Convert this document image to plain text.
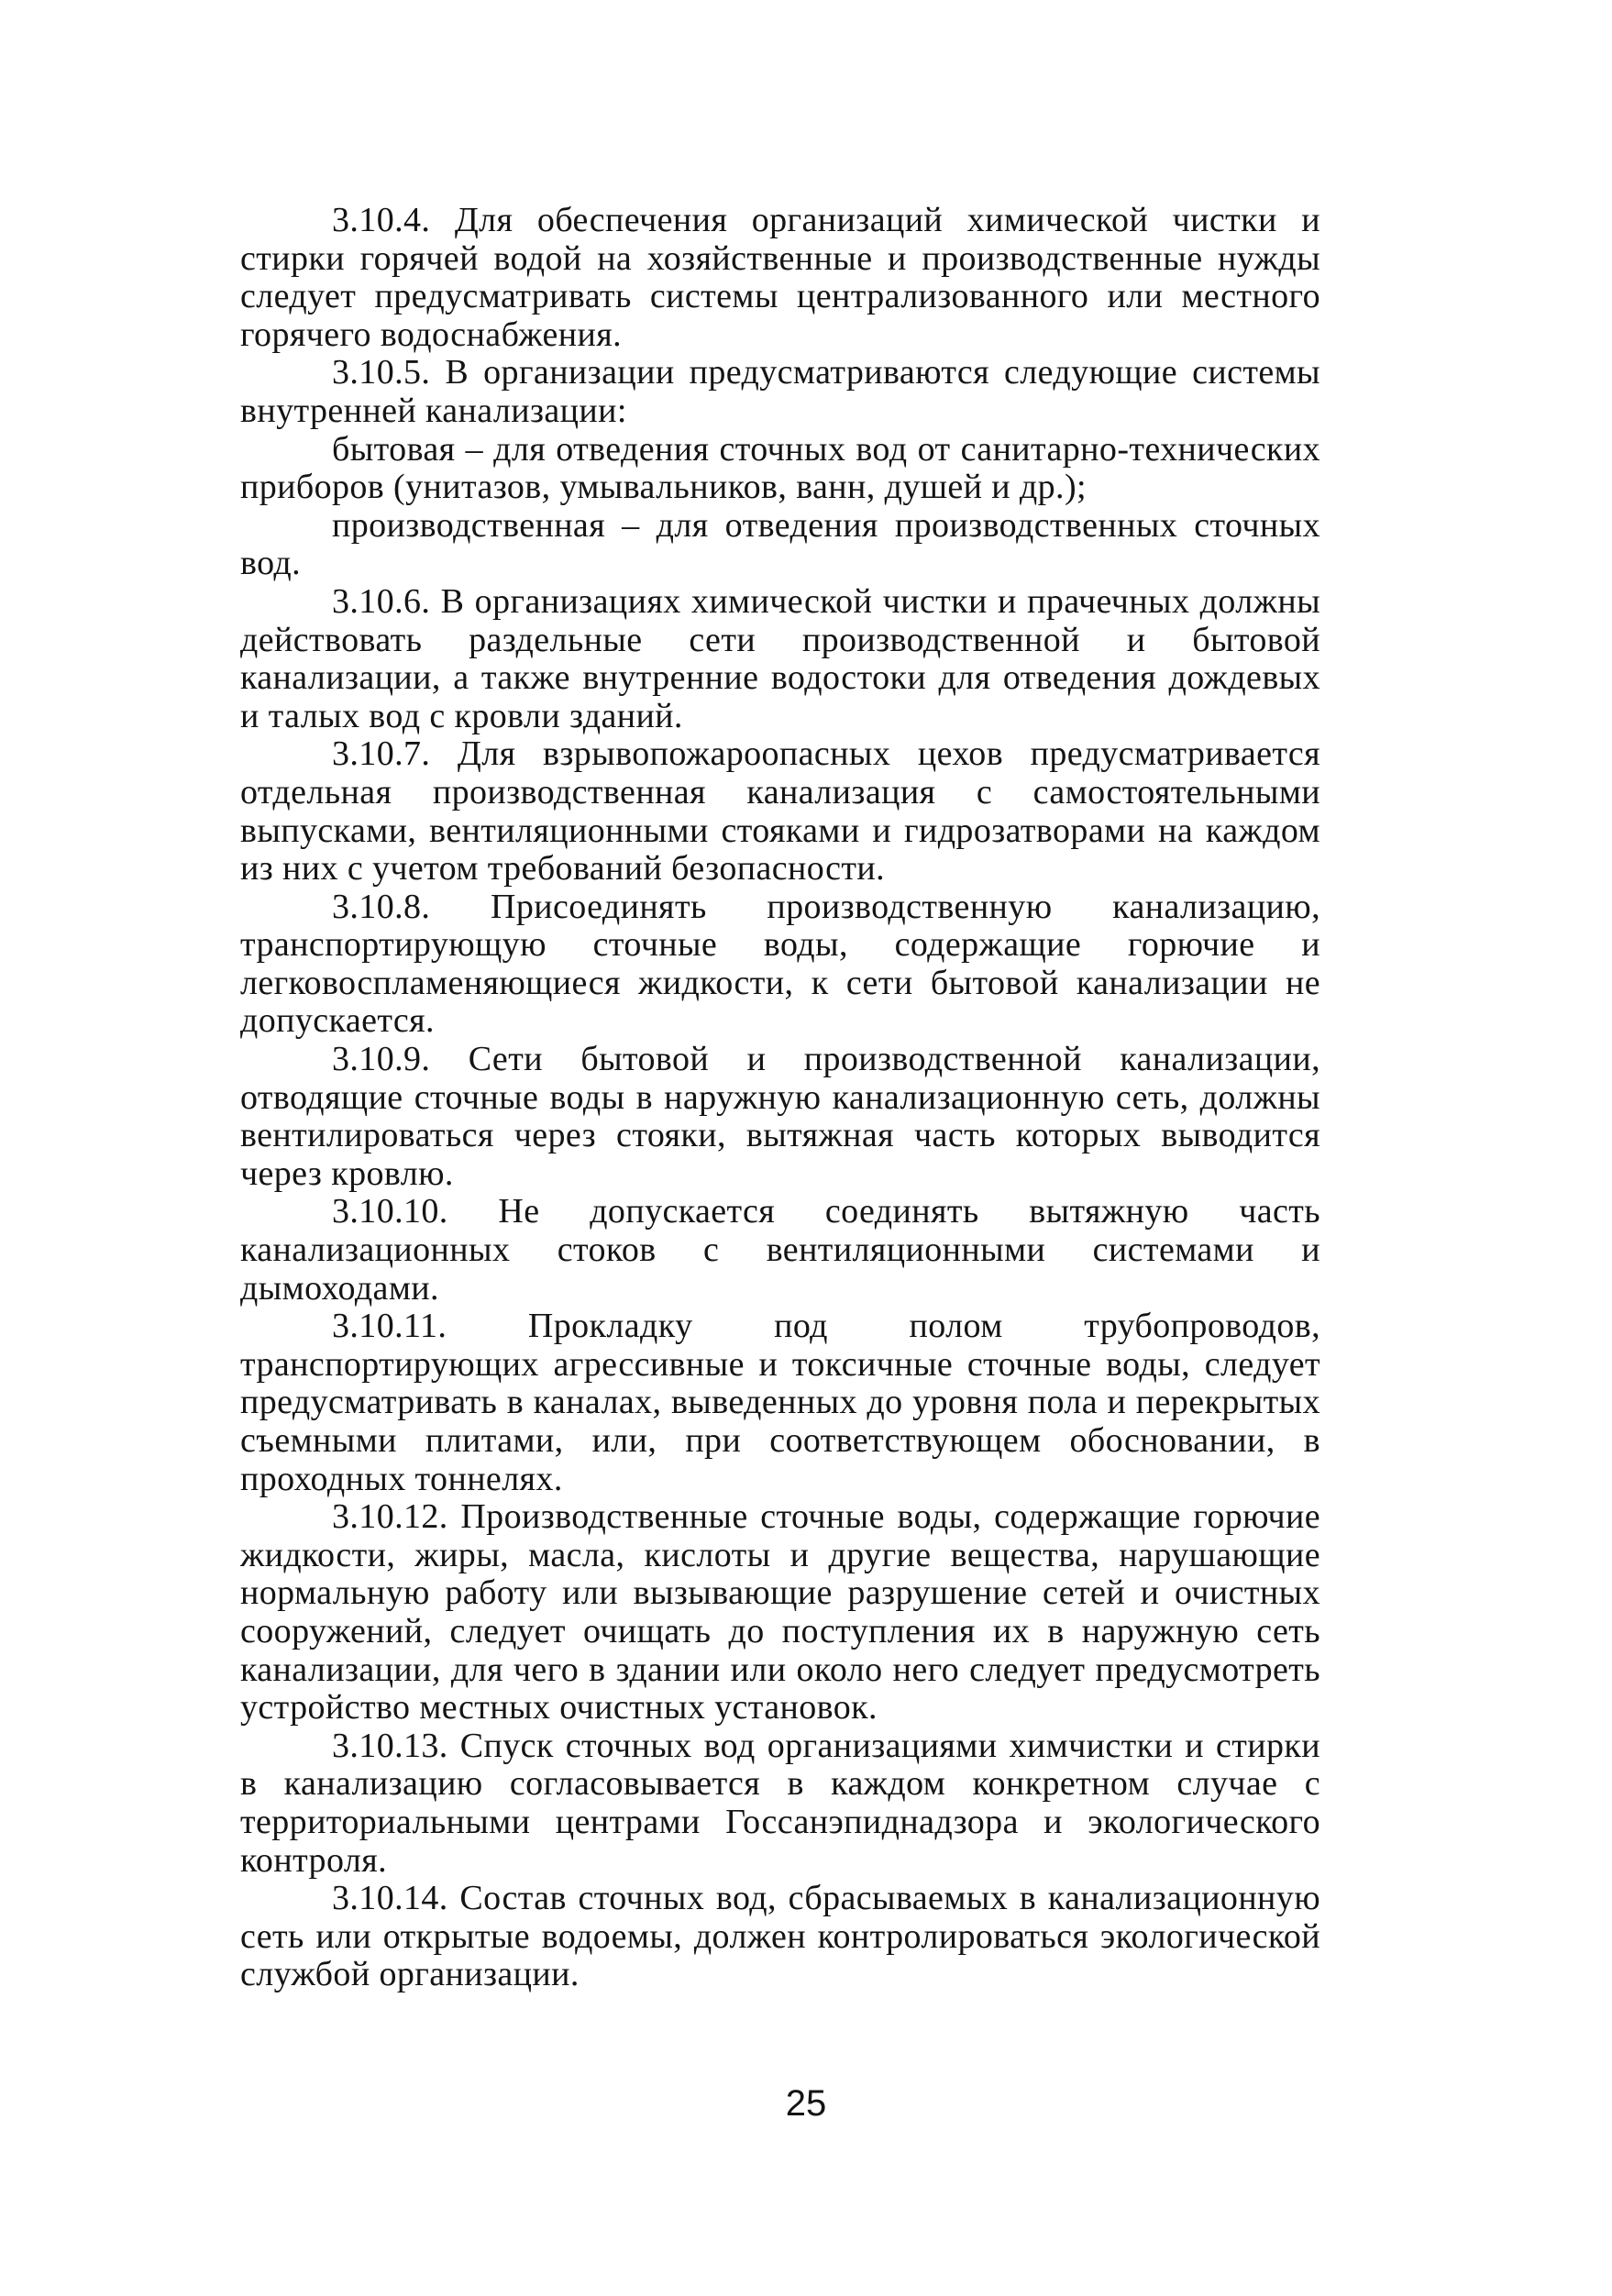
3.10.4. Для обеспечения организаций химической чистки и стирки горячей водой на хозяйственные и производственные нужды следует предусматривать системы централизованного или местного горячего водоснабжения.

3.10.5. В организации предусматриваются следующие системы внутренней канализации:

бытовая – для отведения сточных вод от санитарно-технических приборов (унитазов, умывальников, ванн, душей и др.);

производственная – для отведения производственных сточных вод.

3.10.6. В организациях химической чистки и прачечных должны действовать раздельные сети производственной и бытовой канализации, а также внутренние водостоки для отведения дождевых и талых вод с кровли зданий.

3.10.7. Для взрывопожароопасных цехов предусматривается отдельная производственная канализация с самостоятельными выпусками, вентиляционными стояками и гидрозатворами на каждом из них с учетом требований безопасности.

3.10.8. Присоединять производственную канализацию, транспортирующую сточные воды, содержащие горючие и легковоспламеняющиеся жидкости, к сети бытовой канализации не допускается.

3.10.9. Сети бытовой и производственной канализации, отводящие сточные воды в наружную канализационную сеть, должны вентилироваться через стояки, вытяжная часть которых выводится через кровлю.

3.10.10. Не допускается соединять вытяжную часть канализационных стоков с вентиляционными системами и дымоходами.

3.10.11. Прокладку под полом трубопроводов, транспортирующих агрессивные и токсичные сточные воды, следует предусматривать в каналах, выведенных до уровня пола и перекрытых съемными плитами, или, при соответствующем обосновании, в проходных тоннелях.

3.10.12. Производственные сточные воды, содержащие горючие жидкости, жиры, масла, кислоты и другие вещества, нарушающие нормальную работу или вызывающие разрушение сетей и очистных сооружений, следует очищать до поступления их в наружную сеть канализации, для чего в здании или около него следует предусмотреть устройство местных очистных установок.

3.10.13. Спуск сточных вод организациями химчистки и стирки в канализацию согласовывается в каждом конкретном случае с территориальными центрами Госсанэпиднадзора и экологического контроля.

3.10.14. Состав сточных вод, сбрасываемых в канализационную сеть или открытые водоемы, должен контролироваться экологической службой организации.

25
